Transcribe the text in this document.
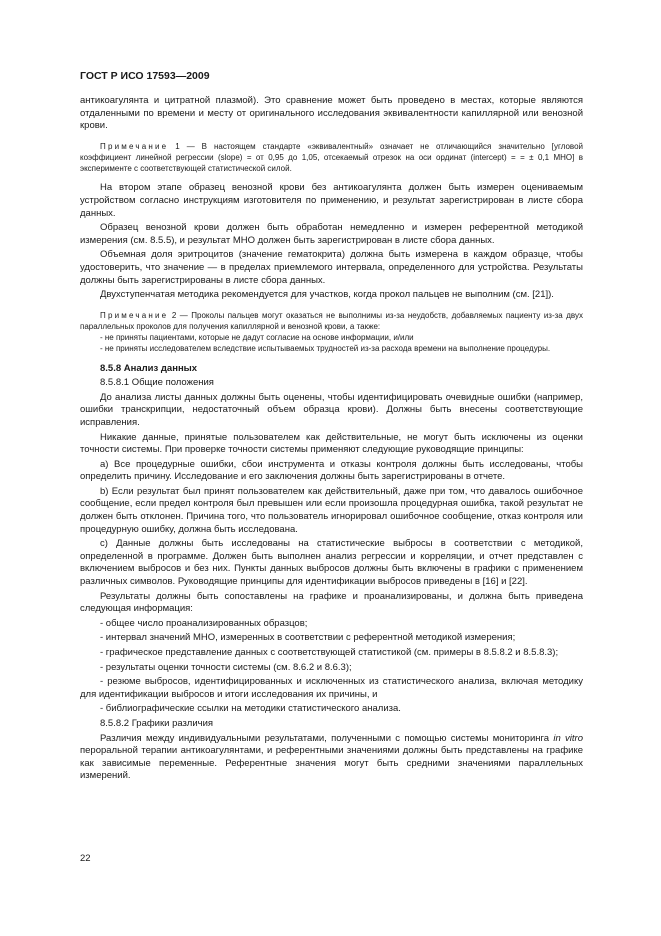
ГОСТ Р ИСО 17593—2009

антикоагулянта и цитратной плазмой). Это сравнение может быть проведено в местах, которые являются отдаленными по времени и месту от оригинального исследования эквивалентности капиллярной или венозной крови.

Примечание 1 — В настоящем стандарте «эквивалентный» означает не отличающийся значительно [угловой коэффициент линейной регрессии (slope) = от 0,95 до 1,05, отсекаемый отрезок на оси ординат (intercept) = = ± 0,1 МНО] в эксперименте с соответствующей статистической силой.

На втором этапе образец венозной крови без антикоагулянта должен быть измерен оцениваемым устройством согласно инструкциям изготовителя по применению, и результат зарегистрирован в листе сбора данных.

Образец венозной крови должен быть обработан немедленно и измерен референтной методикой измерения (см. 8.5.5), и результат МНО должен быть зарегистрирован в листе сбора данных.

Объемная доля эритроцитов (значение гематокрита) должна быть измерена в каждом образце, чтобы удостоверить, что значение — в пределах приемлемого интервала, определенного для устройства. Результаты должны быть зарегистрированы в листе сбора данных.

Двухступенчатая методика рекомендуется для участков, когда прокол пальцев не выполним (см. [21]).

Примечание 2 — Проколы пальцев могут оказаться не выполнимы из-за неудобств, добавляемых пациенту из-за двух параллельных проколов для получения капиллярной и венозной крови, а также:

- не приняты пациентами, которые не дадут согласие на основе информации, и/или

- не приняты исследователем вследствие испытываемых трудностей из-за расхода времени на выполнение процедуры.

8.5.8 Анализ данных

8.5.8.1 Общие положения

До анализа листы данных должны быть оценены, чтобы идентифицировать очевидные ошибки (например, ошибки транскрипции, недостаточный объем образца крови). Должны быть внесены соответствующие исправления.

Никакие данные, принятые пользователем как действительные, не могут быть исключены из оценки точности системы. При проверке точности системы применяют следующие руководящие принципы:

a) Все процедурные ошибки, сбои инструмента и отказы контроля должны быть исследованы, чтобы определить причину. Исследование и его заключения должны быть зарегистрированы в отчете.

b) Если результат был принят пользователем как действительный, даже при том, что давалось ошибочное сообщение, если предел контроля был превышен или если произошла процедурная ошибка, такой результат не должен быть отклонен. Причина того, что пользователь игнорировал ошибочное сообщение, отказ контроля или процедурную ошибку, должна быть исследована.

c) Данные должны быть исследованы на статистические выбросы в соответствии с методикой, определенной в программе. Должен быть выполнен анализ регрессии и корреляции, и отчет представлен с включением выбросов и без них. Пункты данных выбросов должны быть включены в графики с применением различных символов. Руководящие принципы для идентификации выбросов приведены в [16] и [22].

Результаты должны быть сопоставлены на графике и проанализированы, и должна быть приведена следующая информация:

- общее число проанализированных образцов;

- интервал значений МНО, измеренных в соответствии с референтной методикой измерения;

- графическое представление данных с соответствующей статистикой (см. примеры в 8.5.8.2 и 8.5.8.3);

- результаты оценки точности системы (см. 8.6.2 и 8.6.3);

- резюме выбросов, идентифицированных и исключенных из статистического анализа, включая методику для идентификации выбросов и итоги исследования их причины, и

- библиографические ссылки на методики статистического анализа.

8.5.8.2 Графики различия

Различия между индивидуальными результатами, полученными с помощью системы мониторинга in vitro пероральной терапии антикоагулянтами, и референтными значениями должны быть представлены на графике как зависимые переменные. Референтные значения могут быть средними значениями параллельных измерений.

22
